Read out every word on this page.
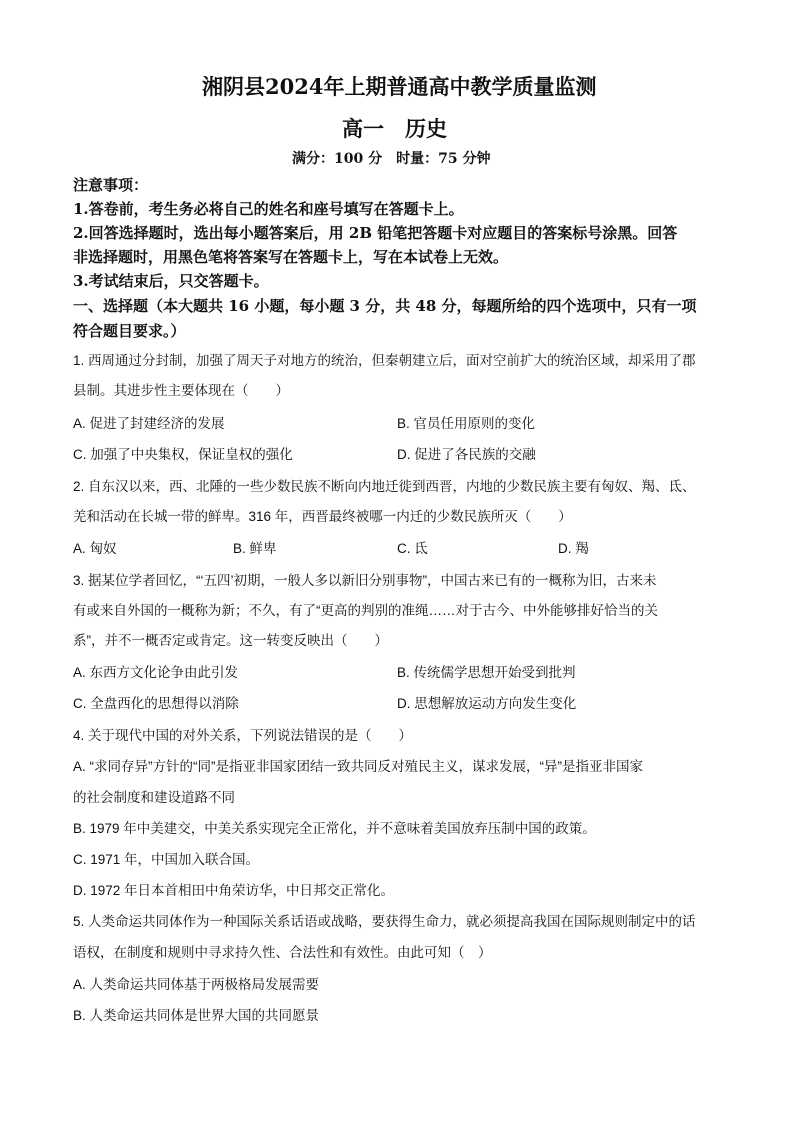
湘阴县2024年上期普通高中教学质量监测
高一　历史
满分：100 分　时量：75 分钟
注意事项：
1.答卷前，考生务必将自己的姓名和座号填写在答题卡上。
2.回答选择题时，选出每小题答案后，用 2B 铅笔把答题卡对应题目的答案标号涂黑。回答
非选择题时，用黑色笔将答案写在答题卡上，写在本试卷上无效。
3.考试结束后，只交答题卡。
一、选择题（本大题共 16 小题，每小题 3 分，共 48 分，每题所给的四个选项中，只有一项
符合题目要求。）
1. 西周通过分封制，加强了周天子对地方的统治，但秦朝建立后，面对空前扩大的统治区域，却采用了郡
县制。其进步性主要体现在（　　）
A. 促进了封建经济的发展	B. 官员任用原则的变化
C. 加强了中央集权，保证皇权的强化	D. 促进了各民族的交融
2. 自东汉以来，西、北陲的一些少数民族不断向内地迁徙到西晋，内地的少数民族主要有匈奴、羯、氐、
羌和活动在长城一带的鲜卑。316 年，西晋最终被哪一内迁的少数民族所灭（　　）
A. 匈奴	B. 鲜卑	C. 氐	D. 羯
3. 据某位学者回忆，“‘五四’初期，一般人多以新旧分别事物”，中国古来已有的一概称为旧，古来未
有或来自外国的一概称为新；不久，有了“更高的判别的准绳……对于古今、中外能够排好恰当的关
系”，并不一概否定或肯定。这一转变反映出（　　）
A. 东西方文化论争由此引发	B. 传统儒学思想开始受到批判
C. 全盘西化的思想得以消除	D. 思想解放运动方向发生变化
4. 关于现代中国的对外关系，下列说法错误的是（　　）
A. “求同存异”方针的“同”是指亚非国家团结一致共同反对殖民主义，谋求发展，“异”是指亚非国家
的社会制度和建设道路不同
B. 1979 年中美建交，中美关系实现完全正常化，并不意味着美国放弃压制中国的政策。
C. 1971 年，中国加入联合国。
D. 1972 年日本首相田中角荣访华，中日邦交正常化。
5. 人类命运共同体作为一种国际关系话语或战略，要获得生命力，就必须提高我国在国际规则制定中的话
语权，在制度和规则中寻求持久性、合法性和有效性。由此可知（　）
A. 人类命运共同体基于两极格局发展需要
B. 人类命运共同体是世界大国的共同愿景
